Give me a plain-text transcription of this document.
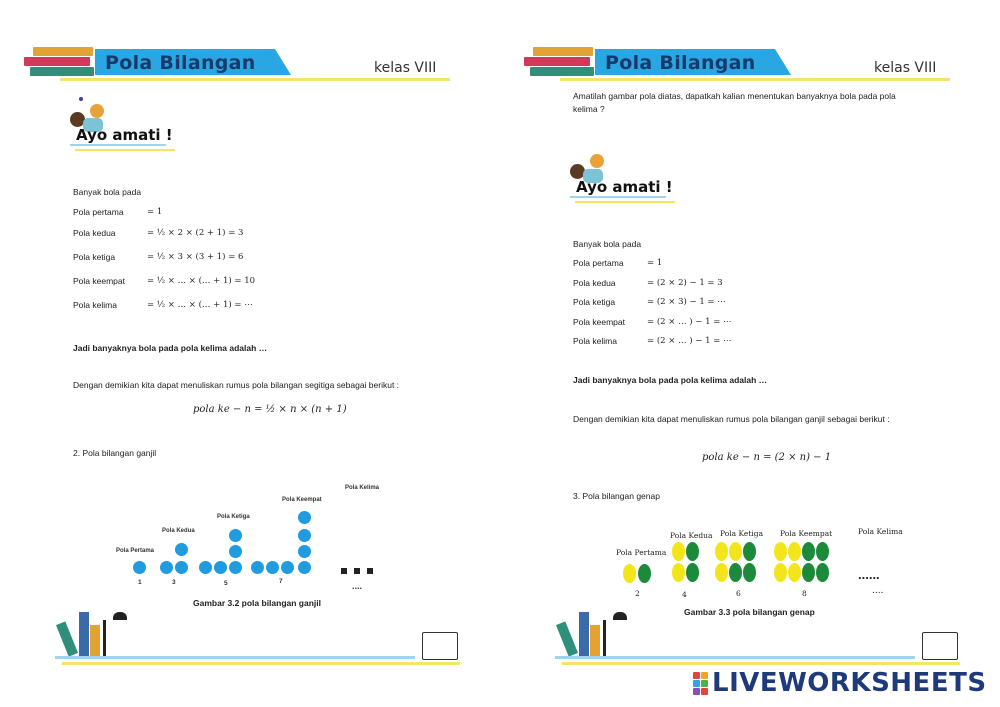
Pola Bilangan	kelas VIII
Ayo amati !
Banyak bola pada
Pola pertama	= 1
Pola kedua	= ½ × 2 × (2 + 1) = 3
Pola ketiga	= ½ × 3 × (3 + 1) = 6
Pola keempat	= ½ × … × (… + 1) = 10
Pola kelima	= ½ × … × (… + 1) = ⋯
Jadi banyaknya bola pada pola kelima adalah …
Dengan demikian kita dapat menuliskan rumus pola bilangan segitiga sebagai berikut :
pola ke − n = ½ × n × (n + 1)
2. Pola bilangan ganjil
Pola Pertama
Pola Kedua
Pola Ketiga
Pola Keempat
Pola Kelima
1	3	5	7	....
Gambar 3.2 pola bilangan ganjil
Pola Bilangan	kelas VIII
Amatilah gambar pola diatas, dapatkah kalian menentukan banyaknya bola pada pola
kelima ?
Ayo amati !
Banyak bola pada
Pola pertama	= 1
Pola kedua	= (2 × 2) − 1 = 3
Pola ketiga	= (2 × 3) − 1 = ⋯
Pola keempat	= (2 × … ) − 1 = ⋯
Pola kelima	= (2 × … ) − 1 = ⋯
Jadi banyaknya bola pada pola kelima adalah …
Dengan demikian kita dapat menuliskan rumus pola bilangan ganjil sebagai berikut :
pola ke − n = (2 × n) − 1
3. Pola bilangan genap
Pola Pertama
Pola Kedua Pola Ketiga Pola Keempat	Pola Kelima
......
2	4	6	8	....
Gambar 3.3 pola bilangan genap
LIVEWORKSHEETS
